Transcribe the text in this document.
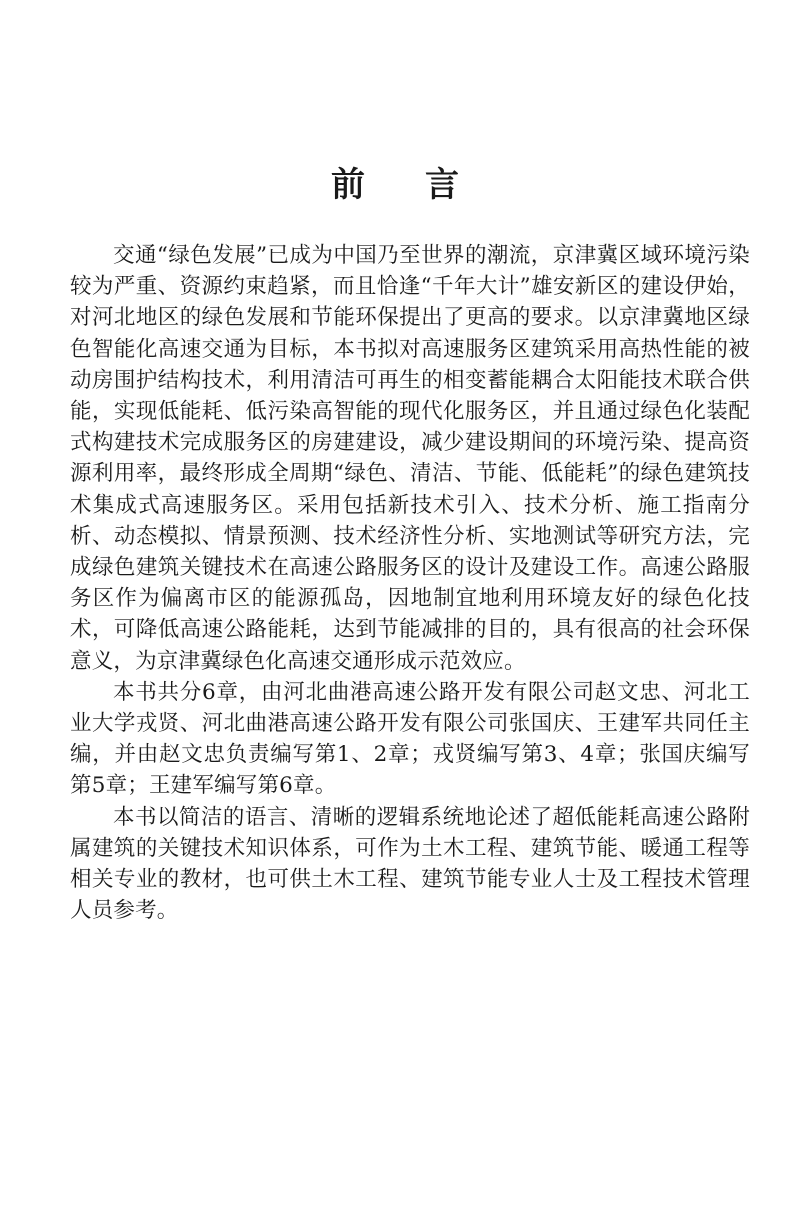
前言

交通“绿色发展”已成为中国乃至世界的潮流，京津冀区域环境污染较为严重、资源约束趋紧，而且恰逢“千年大计”雄安新区的建设伊始，对河北地区的绿色发展和节能环保提出了更高的要求。以京津冀地区绿色智能化高速交通为目标，本书拟对高速服务区建筑采用高热性能的被动房围护结构技术，利用清洁可再生的相变蓄能耦合太阳能技术联合供能，实现低能耗、低污染高智能的现代化服务区，并且通过绿色化装配式构建技术完成服务区的房建建设，减少建设期间的环境污染、提高资源利用率，最终形成全周期“绿色、清洁、节能、低能耗”的绿色建筑技术集成式高速服务区。采用包括新技术引入、技术分析、施工指南分析、动态模拟、情景预测、技术经济性分析、实地测试等研究方法，完成绿色建筑关键技术在高速公路服务区的设计及建设工作。高速公路服务区作为偏离市区的能源孤岛，因地制宜地利用环境友好的绿色化技术，可降低高速公路能耗，达到节能减排的目的，具有很高的社会环保意义，为京津冀绿色化高速交通形成示范效应。

本书共分6章，由河北曲港高速公路开发有限公司赵文忠、河北工业大学戎贤、河北曲港高速公路开发有限公司张国庆、王建军共同任主编，并由赵文忠负责编写第1、2章；戎贤编写第3、4章；张国庆编写第5章；王建军编写第6章。

本书以简洁的语言、清晰的逻辑系统地论述了超低能耗高速公路附属建筑的关键技术知识体系，可作为土木工程、建筑节能、暖通工程等相关专业的教材，也可供土木工程、建筑节能专业人士及工程技术管理人员参考。
